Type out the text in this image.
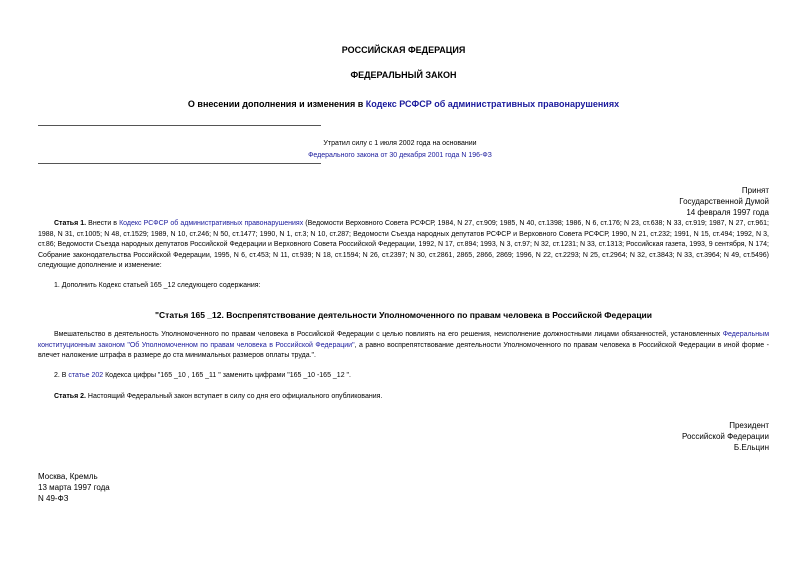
РОССИЙСКАЯ ФЕДЕРАЦИЯ
ФЕДЕРАЛЬНЫЙ ЗАКОН
О внесении дополнения и изменения в Кодекс РСФСР об административных правонарушениях
Утратил силу с 1 июля 2002 года на основании
Федерального закона от 30 декабря 2001 года N 196-ФЗ
Принят
Государственной Думой
14 февраля 1997 года
Статья 1. Внести в Кодекс РСФСР об административных правонарушениях (Ведомости Верховного Совета РСФСР, 1984, N 27, ст.909; 1985, N 40, ст.1398; 1986, N 6, ст.176; N 23, ст.638; N 33, ст.919; 1987, N 27, ст.961; 1988, N 31, ст.1005; N 48, ст.1529; 1989, N 10, ст.246; N 50, ст.1477; 1990, N 1, ст.3; N 10, ст.287; Ведомости Съезда народных депутатов РСФСР и Верховного Совета РСФСР, 1990, N 21, ст.232; 1991, N 15, ст.494; 1992, N 3, ст.86; Ведомости Съезда народных депутатов Российской Федерации и Верховного Совета Российской Федерации, 1992, N 17, ст.894; 1993, N 3, ст.97; N 32, ст.1231; N 33, ст.1313; Российская газета, 1993, 9 сентября, N 174; Собрание законодательства Российской Федерации, 1995, N 6, ст.453; N 11, ст.939; N 18, ст.1594; N 26, ст.2397; N 30, ст.2861, 2865, 2866, 2869; 1996, N 22, ст.2293; N 25, ст.2964; N 32, ст.3843; N 33, ст.3964; N 49, ст.5496) следующие дополнение и изменение:
1. Дополнить Кодекс статьей 165 _12 следующего содержания:
"Статья 165 _12. Воспрепятствование деятельности Уполномоченного по правам человека в Российской Федерации
Вмешательство в деятельность Уполномоченного по правам человека в Российской Федерации с целью повлиять на его решения, неисполнение должностными лицами обязанностей, установленных Федеральным конституционным законом "Об Уполномоченном по правам человека в Российской Федерации", а равно воспрепятствование деятельности Уполномоченного по правам человека в Российской Федерации в иной форме - влечет наложение штрафа в размере до ста минимальных размеров оплаты труда.".
2. В статье 202 Кодекса цифры "165 _10 , 165 _11 " заменить цифрами "165 _10 -165 _12 ".
Статья 2. Настоящий Федеральный закон вступает в силу со дня его официального опубликования.
Президент
Российской Федерации
Б.Ельцин
Москва, Кремль
13 марта 1997 года
N 49-ФЗ
